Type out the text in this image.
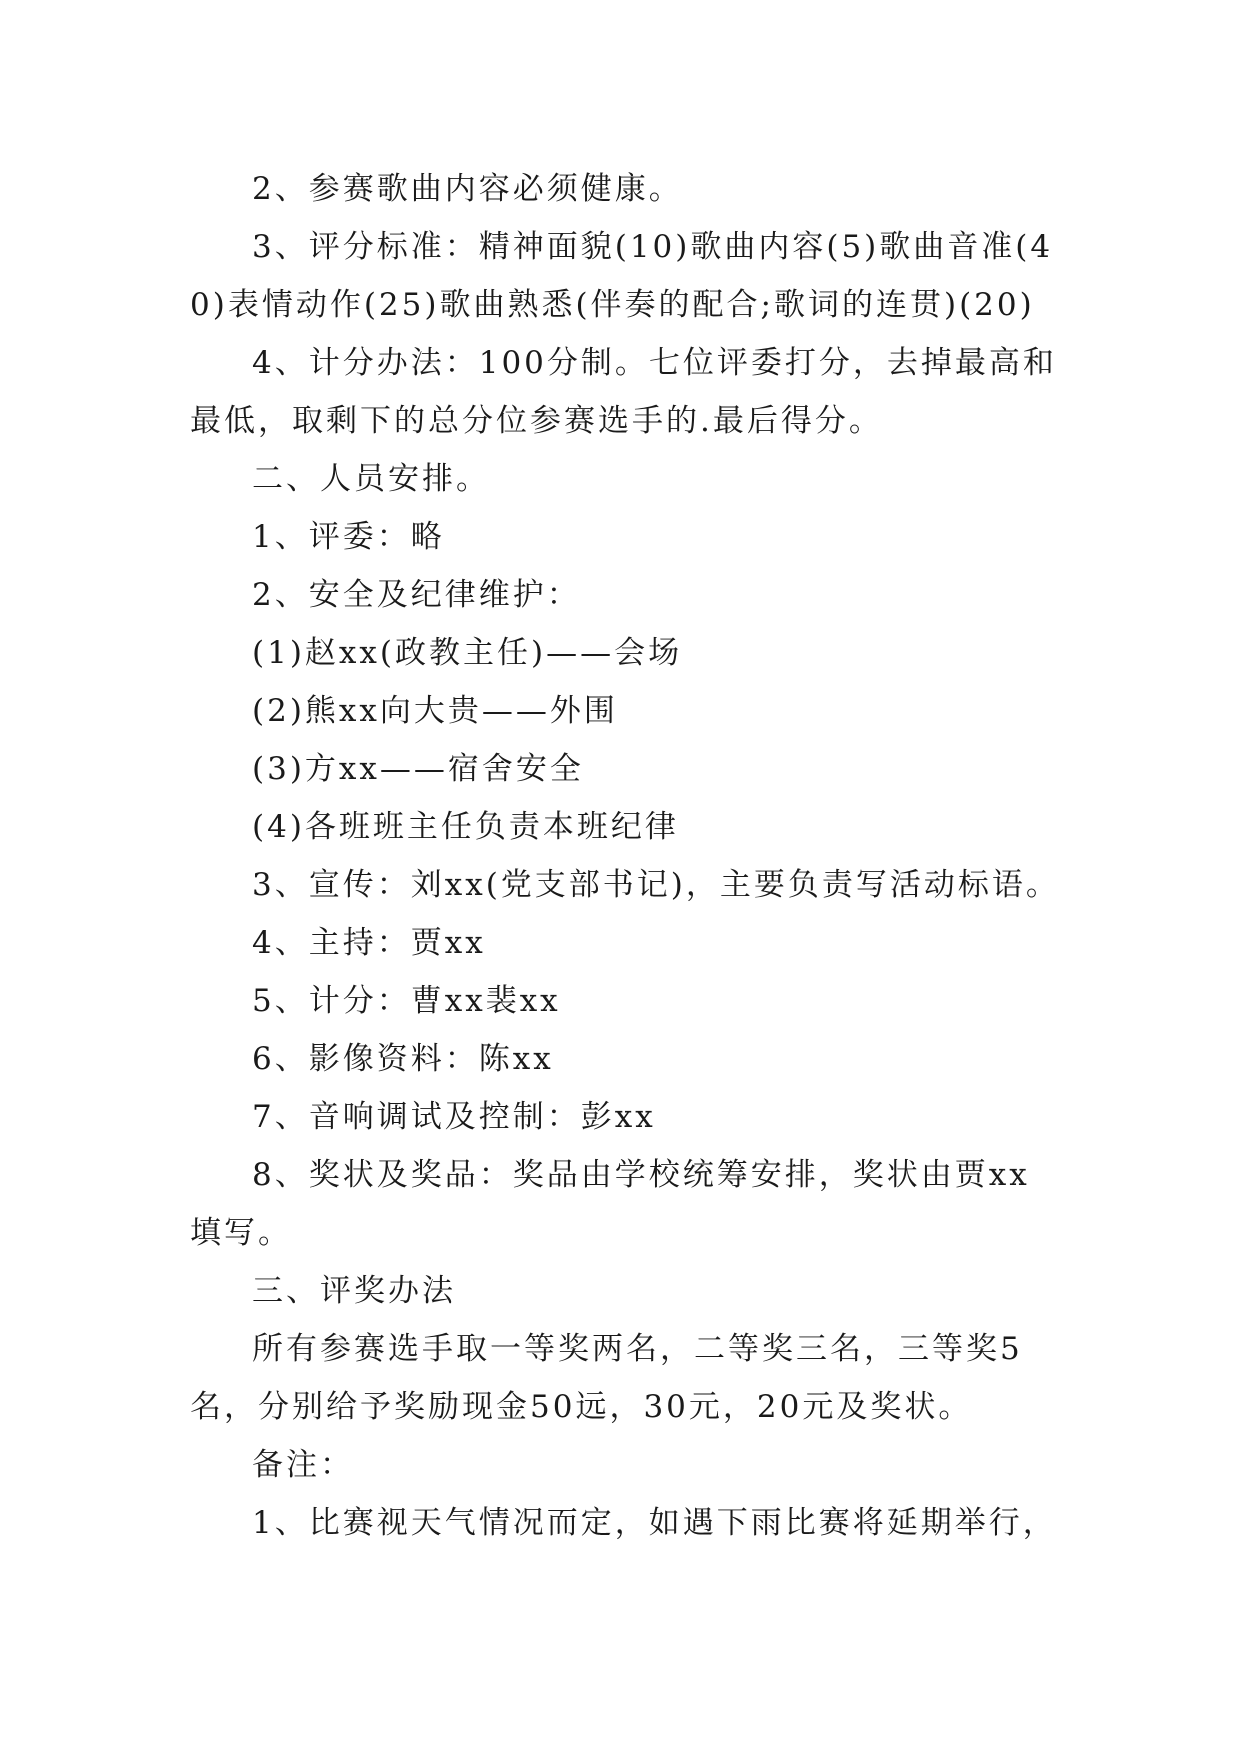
2、参赛歌曲内容必须健康。

3、评分标准：精神面貌(10)歌曲内容(5)歌曲音准(40)表情动作(25)歌曲熟悉(伴奏的配合;歌词的连贯)(20)

4、计分办法：100分制。七位评委打分，去掉最高和最低，取剩下的总分位参赛选手的.最后得分。

二、人员安排。

1、评委：略

2、安全及纪律维护：

(1)赵xx(政教主任)——会场

(2)熊xx向大贵——外围

(3)方xx——宿舍安全

(4)各班班主任负责本班纪律

3、宣传：刘xx(党支部书记)，主要负责写活动标语。

4、主持：贾xx

5、计分：曹xx裴xx

6、影像资料：陈xx

7、音响调试及控制：彭xx

8、奖状及奖品：奖品由学校统筹安排，奖状由贾xx填写。

三、评奖办法

所有参赛选手取一等奖两名，二等奖三名，三等奖5名，分别给予奖励现金50远，30元，20元及奖状。

备注：

1、比赛视天气情况而定，如遇下雨比赛将延期举行，
